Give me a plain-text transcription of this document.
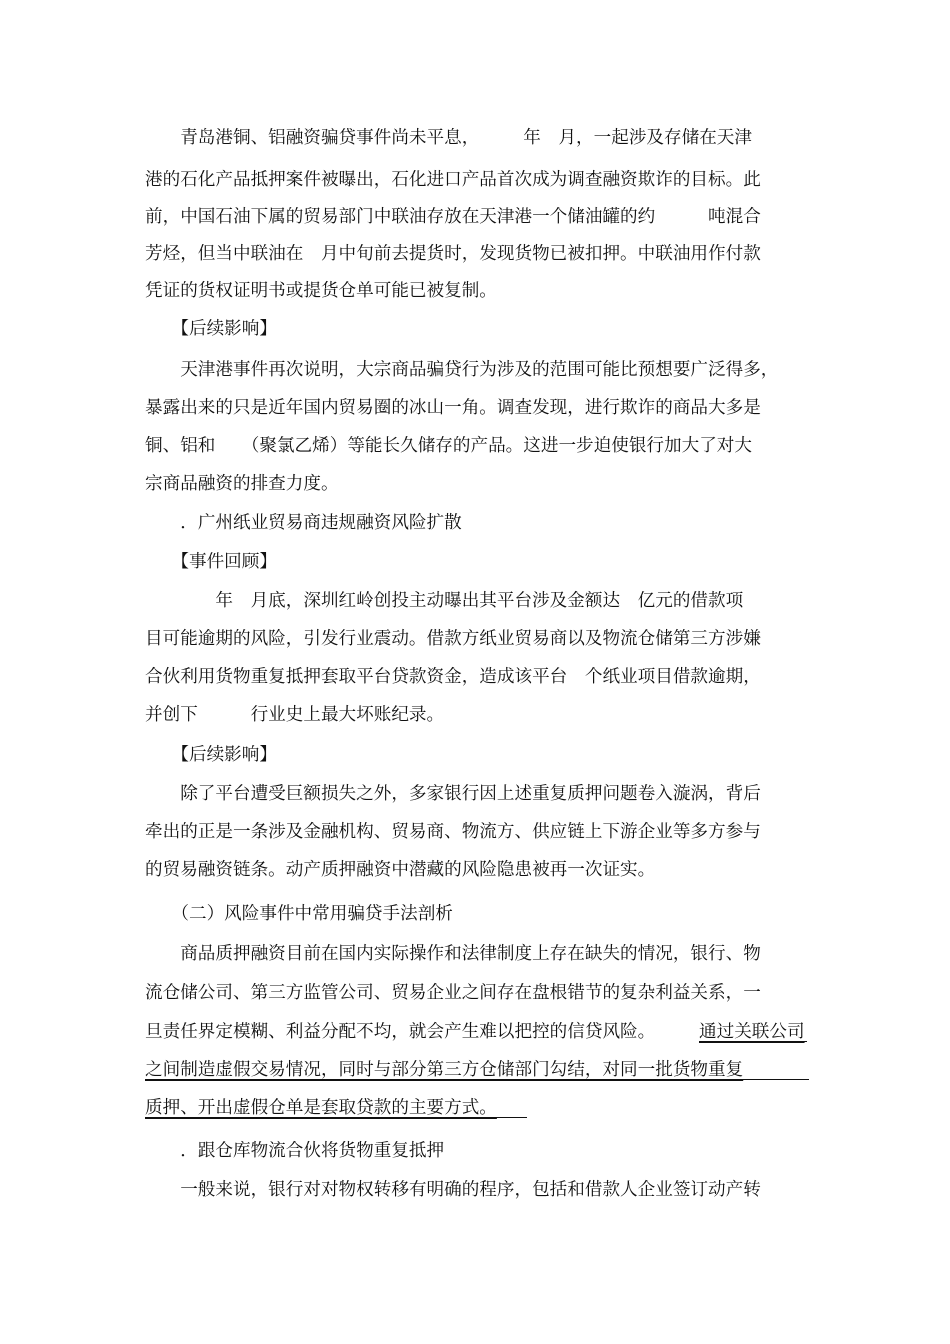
　　青岛港铜、铝融资骗贷事件尚未平息，　　　年　月，一起涉及存储在天津
港的石化产品抵押案件被曝出，石化进口产品首次成为调查融资欺诈的目标。此
前，中国石油下属的贸易部门中联油存放在天津港一个储油罐的约　　　吨混合
芳烃，但当中联油在　月中旬前去提货时，发现货物已被扣押。中联油用作付款
凭证的货权证明书或提货仓单可能已被复制。
　　【后续影响】
　　天津港事件再次说明，大宗商品骗贷行为涉及的范围可能比预想要广泛得多，
暴露出来的只是近年国内贸易圈的冰山一角。调查发现，进行欺诈的商品大多是
铜、铝和　　（聚氯乙烯）等能长久储存的产品。这进一步迫使银行加大了对大
宗商品融资的排查力度。
　　．广州纸业贸易商违规融资风险扩散
　　【事件回顾】
　　　　年　月底，深圳红岭创投主动曝出其平台涉及金额达　亿元的借款项
目可能逾期的风险，引发行业震动。借款方纸业贸易商以及物流仓储第三方涉嫌
合伙利用货物重复抵押套取平台贷款资金，造成该平台　个纸业项目借款逾期，
并创下　　　行业史上最大坏账纪录。
　　【后续影响】
　　除了平台遭受巨额损失之外，多家银行因上述重复质押问题卷入漩涡，背后
牵出的正是一条涉及金融机构、贸易商、物流方、供应链上下游企业等多方参与
的贸易融资链条。动产质押融资中潜藏的风险隐患被再一次证实。
　　（二）风险事件中常用骗贷手法剖析
　　商品质押融资目前在国内实际操作和法律制度上存在缺失的情况，银行、物
流仓储公司、第三方监管公司、贸易企业之间存在盘根错节的复杂利益关系，一
旦责任界定模糊、利益分配不均，就会产生难以把控的信贷风险。	通过关联公司
之间制造虚假交易情况，同时与部分第三方仓储部门勾结，对同一批货物重复
质押、开出虚假仓单是套取贷款的主要方式。
　　．跟仓库物流合伙将货物重复抵押
　　一般来说，银行对对物权转移有明确的程序，包括和借款人企业签订动产转
